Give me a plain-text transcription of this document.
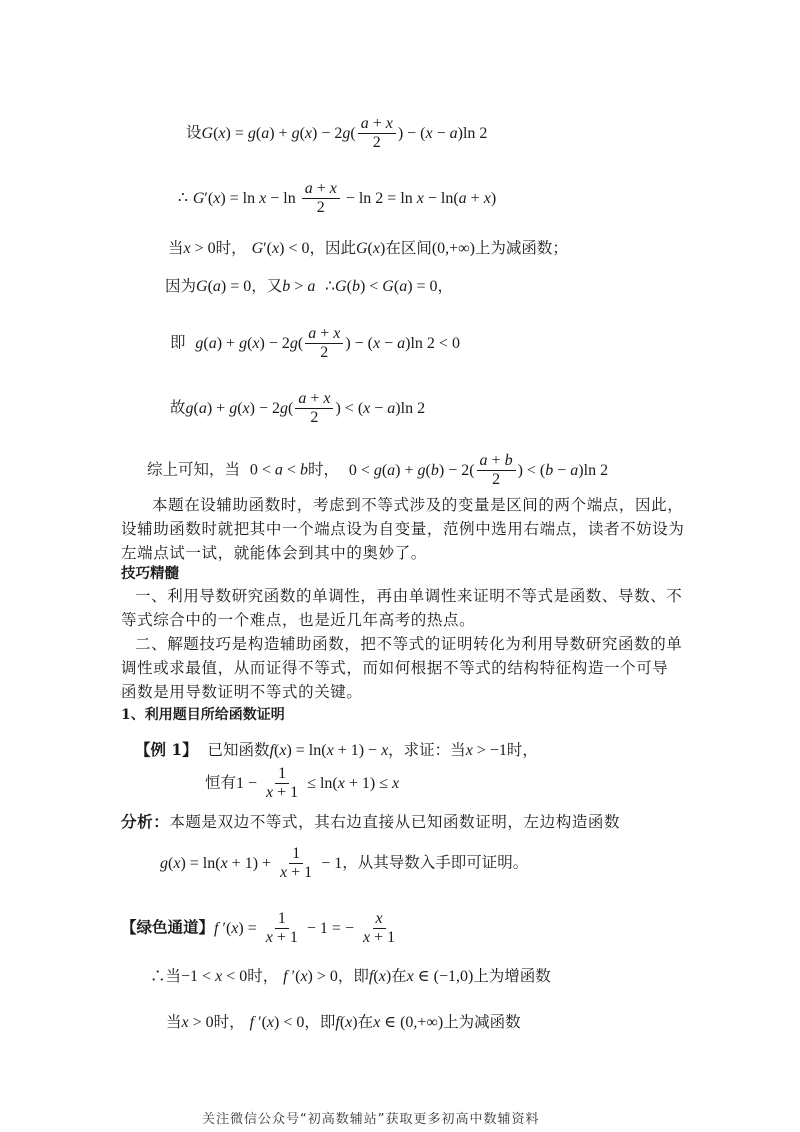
设$G(x) = g(a) + g(x) - 2g( \frac{a + x}{2}$ ) − (x − a)ln 2
∴ $G'(x) = \ln x - \ln \frac{a + x}{2} - \ln 2 = \ln x - \ln(a + x)$
当x > 0时， G′(x) < 0，因此G(x)在区间(0,+∞)上为减函数；
因为G(a) = 0，又b > a ∴G(b) < G(a) = 0，
即 $g(a) + g(x) - 2g( \frac{a + x}{2}$ ) − (x − a)ln 2 < 0
故$g(a) + g(x) - 2g( \frac{a + x}{2}$ ) < (x − a)ln 2
综上可知，当 0 < a < b时， $0 < g(a) + g(b) - 2( \frac{a + b}{2}$ ) < (b − a)ln 2
本题在设辅助函数时，考虑到不等式涉及的变量是区间的两个端点，因此，
设辅助函数时就把其中一个端点设为自变量，范例中选用右端点，读者不妨设为
左端点试一试，就能体会到其中的奥妙了。
技巧精髓
一、利用导数研究函数的单调性，再由单调性来证明不等式是函数、导数、不
等式综合中的一个难点，也是近几年高考的热点。
二、解题技巧是构造辅助函数，把不等式的证明转化为利用导数研究函数的单
调性或求最值，从而证得不等式，而如何根据不等式的结构特征构造一个可导
函数是用导数证明不等式的关键。
1、利用题目所给函数证明
【例 1】 已知函数f(x) = ln(x + 1) − x，求证：当x > −1时，
恒有$1 - \frac{1}{x + 1} \le \ln(x + 1) \le x$
分析：本题是双边不等式，其右边直接从已知函数证明，左边构造函数
$g(x) = \ln(x + 1) + \frac{1}{x + 1} - 1$，从其导数入手即可证明。
【绿色通道】f $'(x) = \frac{1}{x + 1} - 1$ = − $\frac{x}{x + 1}$
∴当−1 < x < 0时， f ′(x) > 0，即f(x)在x ∈ (−1,0)上为增函数
当x > 0时， f ′(x) < 0，即f(x)在x ∈ (0,+∞)上为减函数
关注微信公众号“初高数辅站”获取更多初高中数辅资料
